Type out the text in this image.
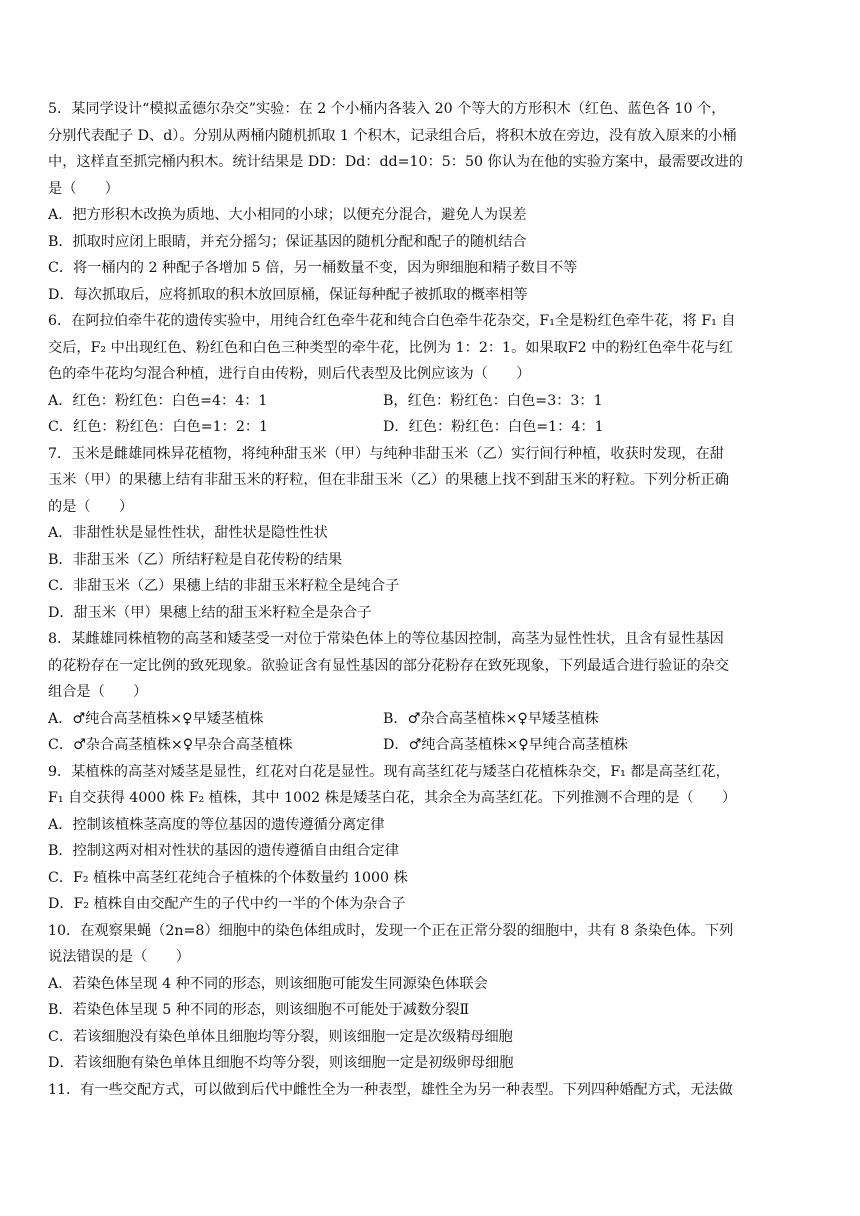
5．某同学设计“模拟孟德尔杂交”实验：在 2 个小桶内各装入 20 个等大的方形积木（红色、蓝色各 10 个，
分别代表配子 D、d）。分别从两桶内随机抓取 1 个积木，记录组合后，将积木放在旁边，没有放入原来的小桶
中，这样直至抓完桶内积木。统计结果是 DD：Dd：dd=10：5：50 你认为在他的实验方案中，最需要改进的
是（　　）
A．把方形积木改换为质地、大小相同的小球；以便充分混合，避免人为误差
B．抓取时应闭上眼睛，并充分摇匀；保证基因的随机分配和配子的随机结合
C．将一桶内的 2 种配子各增加 5 倍，另一桶数量不变，因为卵细胞和精子数目不等
D．每次抓取后，应将抓取的积木放回原桶，保证每种配子被抓取的概率相等
6．在阿拉伯牵牛花的遗传实验中，用纯合红色牵牛花和纯合白色牵牛花杂交，F₁全是粉红色牵牛花，将 F₁ 自
交后，F₂ 中出现红色、粉红色和白色三种类型的牵牛花，比例为 1：2：1。如果取F2 中的粉红色牵牛花与红
色的牵牛花均匀混合种植，进行自由传粉，则后代表型及比例应该为（　　）
A．红色：粉红色：白色=4：4：1	B，红色：粉红色：白色=3：3：1
C．红色：粉红色：白色=1：2：1	D．红色：粉红色：白色=1：4：1
7．玉米是雌雄同株异花植物，将纯种甜玉米（甲）与纯种非甜玉米（乙）实行间行种植，收获时发现，在甜
玉米（甲）的果穗上结有非甜玉米的籽粒，但在非甜玉米（乙）的果穗上找不到甜玉米的籽粒。下列分析正确
的是（　　）
A．非甜性状是显性性状，甜性状是隐性性状
B．非甜玉米（乙）所结籽粒是自花传粉的结果
C．非甜玉米（乙）果穗上结的非甜玉米籽粒全是纯合子
D．甜玉米（甲）果穗上结的甜玉米籽粒全是杂合子
8．某雌雄同株植物的高茎和矮茎受一对位于常染色体上的等位基因控制，高茎为显性性状，且含有显性基因
的花粉存在一定比例的致死现象。欲验证含有显性基因的部分花粉存在致死现象，下列最适合进行验证的杂交
组合是（　　）
A．♂纯合高茎植株×♀早矮茎植株	B．♂杂合高茎植株×♀早矮茎植株
C．♂杂合高茎植株×♀早杂合高茎植株	D．♂纯合高茎植株×♀早纯合高茎植株
9．某植株的高茎对矮茎是显性，红花对白花是显性。现有高茎红花与矮茎白花植株杂交，F₁ 都是高茎红花，
F₁ 自交获得 4000 株 F₂ 植株，其中 1002 株是矮茎白花，其余全为高茎红花。下列推测不合理的是（　　）
A．控制该植株茎高度的等位基因的遗传遵循分离定律
B．控制这两对相对性状的基因的遗传遵循自由组合定律
C．F₂ 植株中高茎红花纯合子植株的个体数量约 1000 株
D．F₂ 植株自由交配产生的子代中约一半的个体为杂合子
10．在观察果蝇（2n=8）细胞中的染色体组成时，发现一个正在正常分裂的细胞中，共有 8 条染色体。下列
说法错误的是（　　）
A．若染色体呈现 4 种不同的形态，则该细胞可能发生同源染色体联会
B．若染色体呈现 5 种不同的形态，则该细胞不可能处于减数分裂Ⅱ
C．若该细胞没有染色单体且细胞均等分裂，则该细胞一定是次级精母细胞
D．若该细胞有染色单体且细胞不均等分裂，则该细胞一定是初级卵母细胞
11．有一些交配方式，可以做到后代中雌性全为一种表型，雄性全为另一种表型。下列四种婚配方式，无法做
